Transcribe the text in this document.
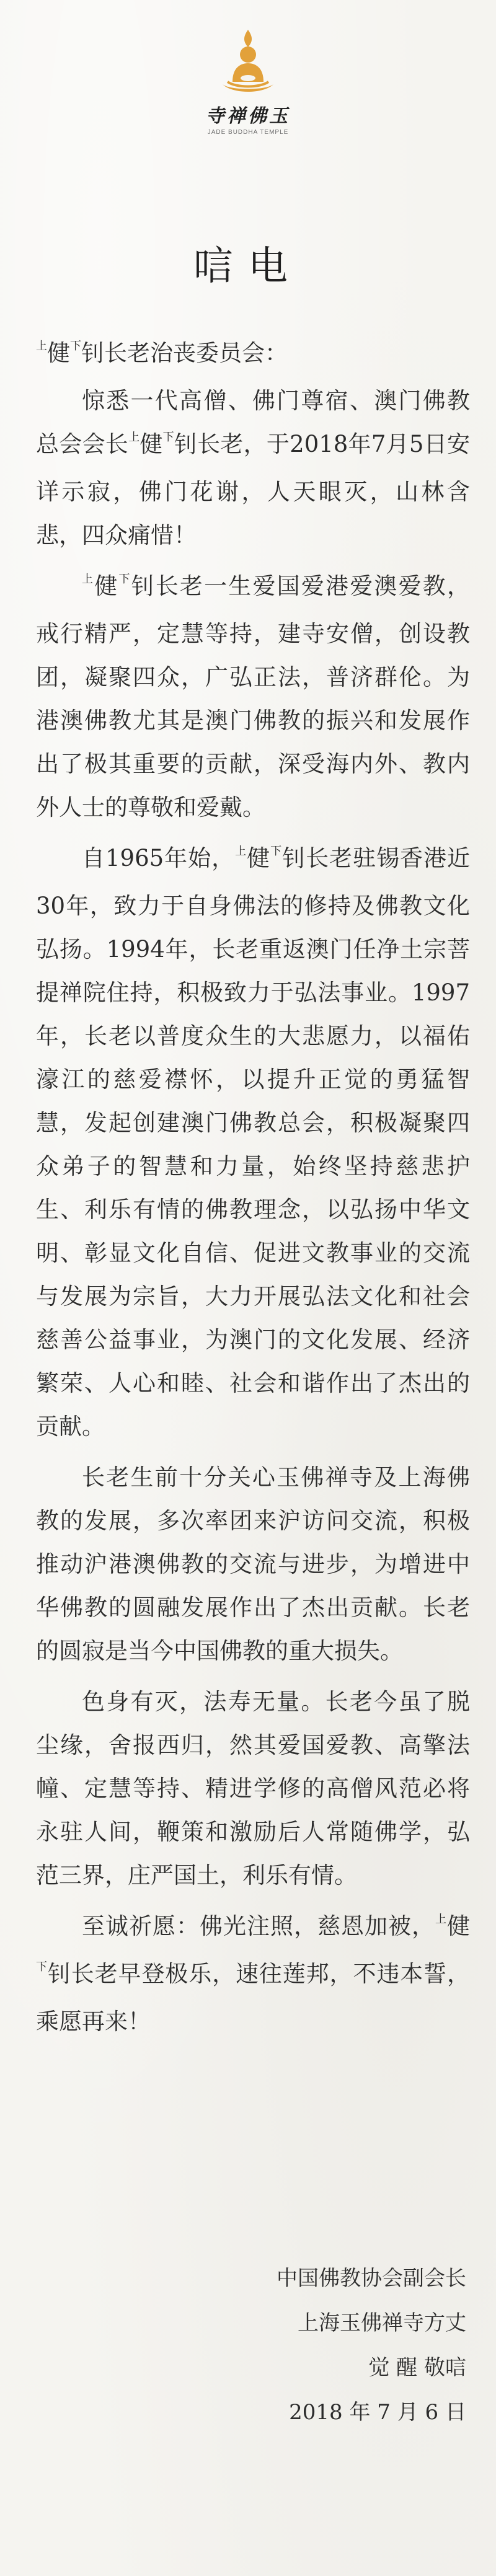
寺禅佛玉
JADE BUDDHA TEMPLE
唁电

$^上$健$^下$钊长老治丧委员会：

惊悉一代高僧、佛门尊宿、澳门佛教总会会长$^上$健$^下$钊长老，于2018年7月5日安详示寂，佛门花谢，人天眼灭，山林含悲，四众痛惜！

$^上$健$^下$钊长老一生爱国爱港爱澳爱教，戒行精严，定慧等持，建寺安僧，创设教团，凝聚四众，广弘正法，普济群伦。为港澳佛教尤其是澳门佛教的振兴和发展作出了极其重要的贡献，深受海内外、教内外人士的尊敬和爱戴。

自1965年始，$^上$健$^下$钊长老驻锡香港近30年，致力于自身佛法的修持及佛教文化弘扬。1994年，长老重返澳门任净土宗菩提禅院住持，积极致力于弘法事业。1997年，长老以普度众生的大悲愿力，以福佑濠江的慈爱襟怀，以提升正觉的勇猛智慧，发起创建澳门佛教总会，积极凝聚四众弟子的智慧和力量，始终坚持慈悲护生、利乐有情的佛教理念，以弘扬中华文明、彰显文化自信、促进文教事业的交流与发展为宗旨，大力开展弘法文化和社会慈善公益事业，为澳门的文化发展、经济繁荣、人心和睦、社会和谐作出了杰出的贡献。

长老生前十分关心玉佛禅寺及上海佛教的发展，多次率团来沪访问交流，积极推动沪港澳佛教的交流与进步，为增进中华佛教的圆融发展作出了杰出贡献。长老的圆寂是当今中国佛教的重大损失。

色身有灭，法寿无量。长老今虽了脱尘缘，舍报西归，然其爱国爱教、高擎法幢、定慧等持、精进学修的高僧风范必将永驻人间，鞭策和激励后人常随佛学，弘范三界，庄严国土，利乐有情。

至诚祈愿：佛光注照，慈恩加被，$^上$健$^下$钊长老早登极乐，速往莲邦，不违本誓，乘愿再来！

中国佛教协会副会长
上海玉佛禅寺方丈
觉 醒 敬唁
2018 年 7 月 6 日
